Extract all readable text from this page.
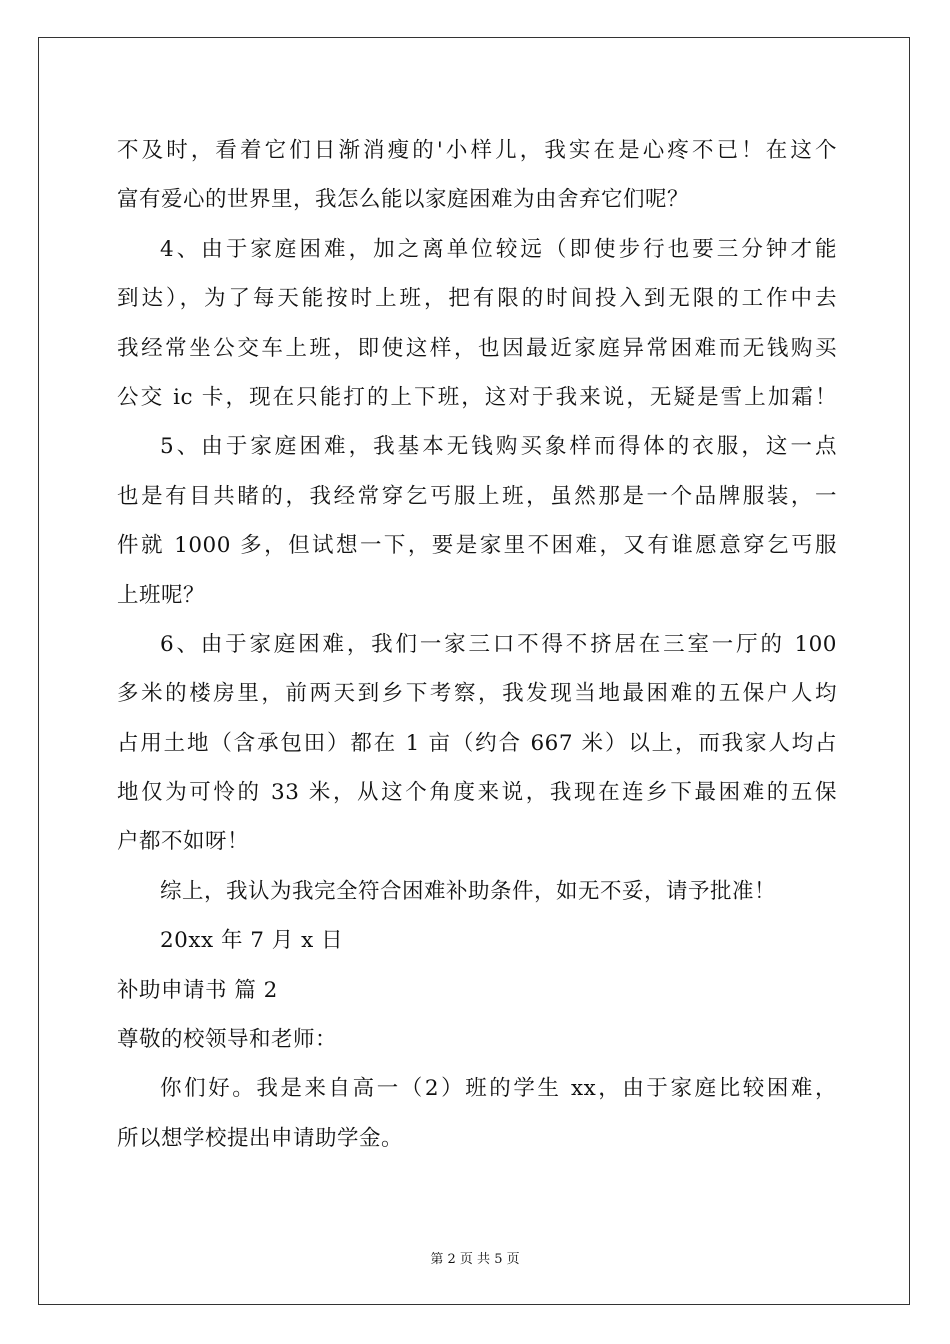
不及时，看着它们日渐消瘦的'小样儿，我实在是心疼不已！在这个
富有爱心的世界里，我怎么能以家庭困难为由舍弃它们呢？
4、由于家庭困难，加之离单位较远（即使步行也要三分钟才能
到达），为了每天能按时上班，把有限的时间投入到无限的工作中去
我经常坐公交车上班，即使这样，也因最近家庭异常困难而无钱购买
公交 ic 卡，现在只能打的上下班，这对于我来说，无疑是雪上加霜！
5、由于家庭困难，我基本无钱购买象样而得体的衣服，这一点
也是有目共睹的，我经常穿乞丐服上班，虽然那是一个品牌服装，一
件就 1000 多，但试想一下，要是家里不困难，又有谁愿意穿乞丐服
上班呢？
6、由于家庭困难，我们一家三口不得不挤居在三室一厅的 100
多米的楼房里，前两天到乡下考察，我发现当地最困难的五保户人均
占用土地（含承包田）都在 1 亩（约合 667 米）以上，而我家人均占
地仅为可怜的 33 米，从这个角度来说，我现在连乡下最困难的五保
户都不如呀！
综上，我认为我完全符合困难补助条件，如无不妥，请予批准！
20xx 年 7 月 x 日
补助申请书 篇 2
尊敬的校领导和老师：
你们好。我是来自高一（2）班的学生 xx，由于家庭比较困难，
所以想学校提出申请助学金。
第 2 页 共 5 页
